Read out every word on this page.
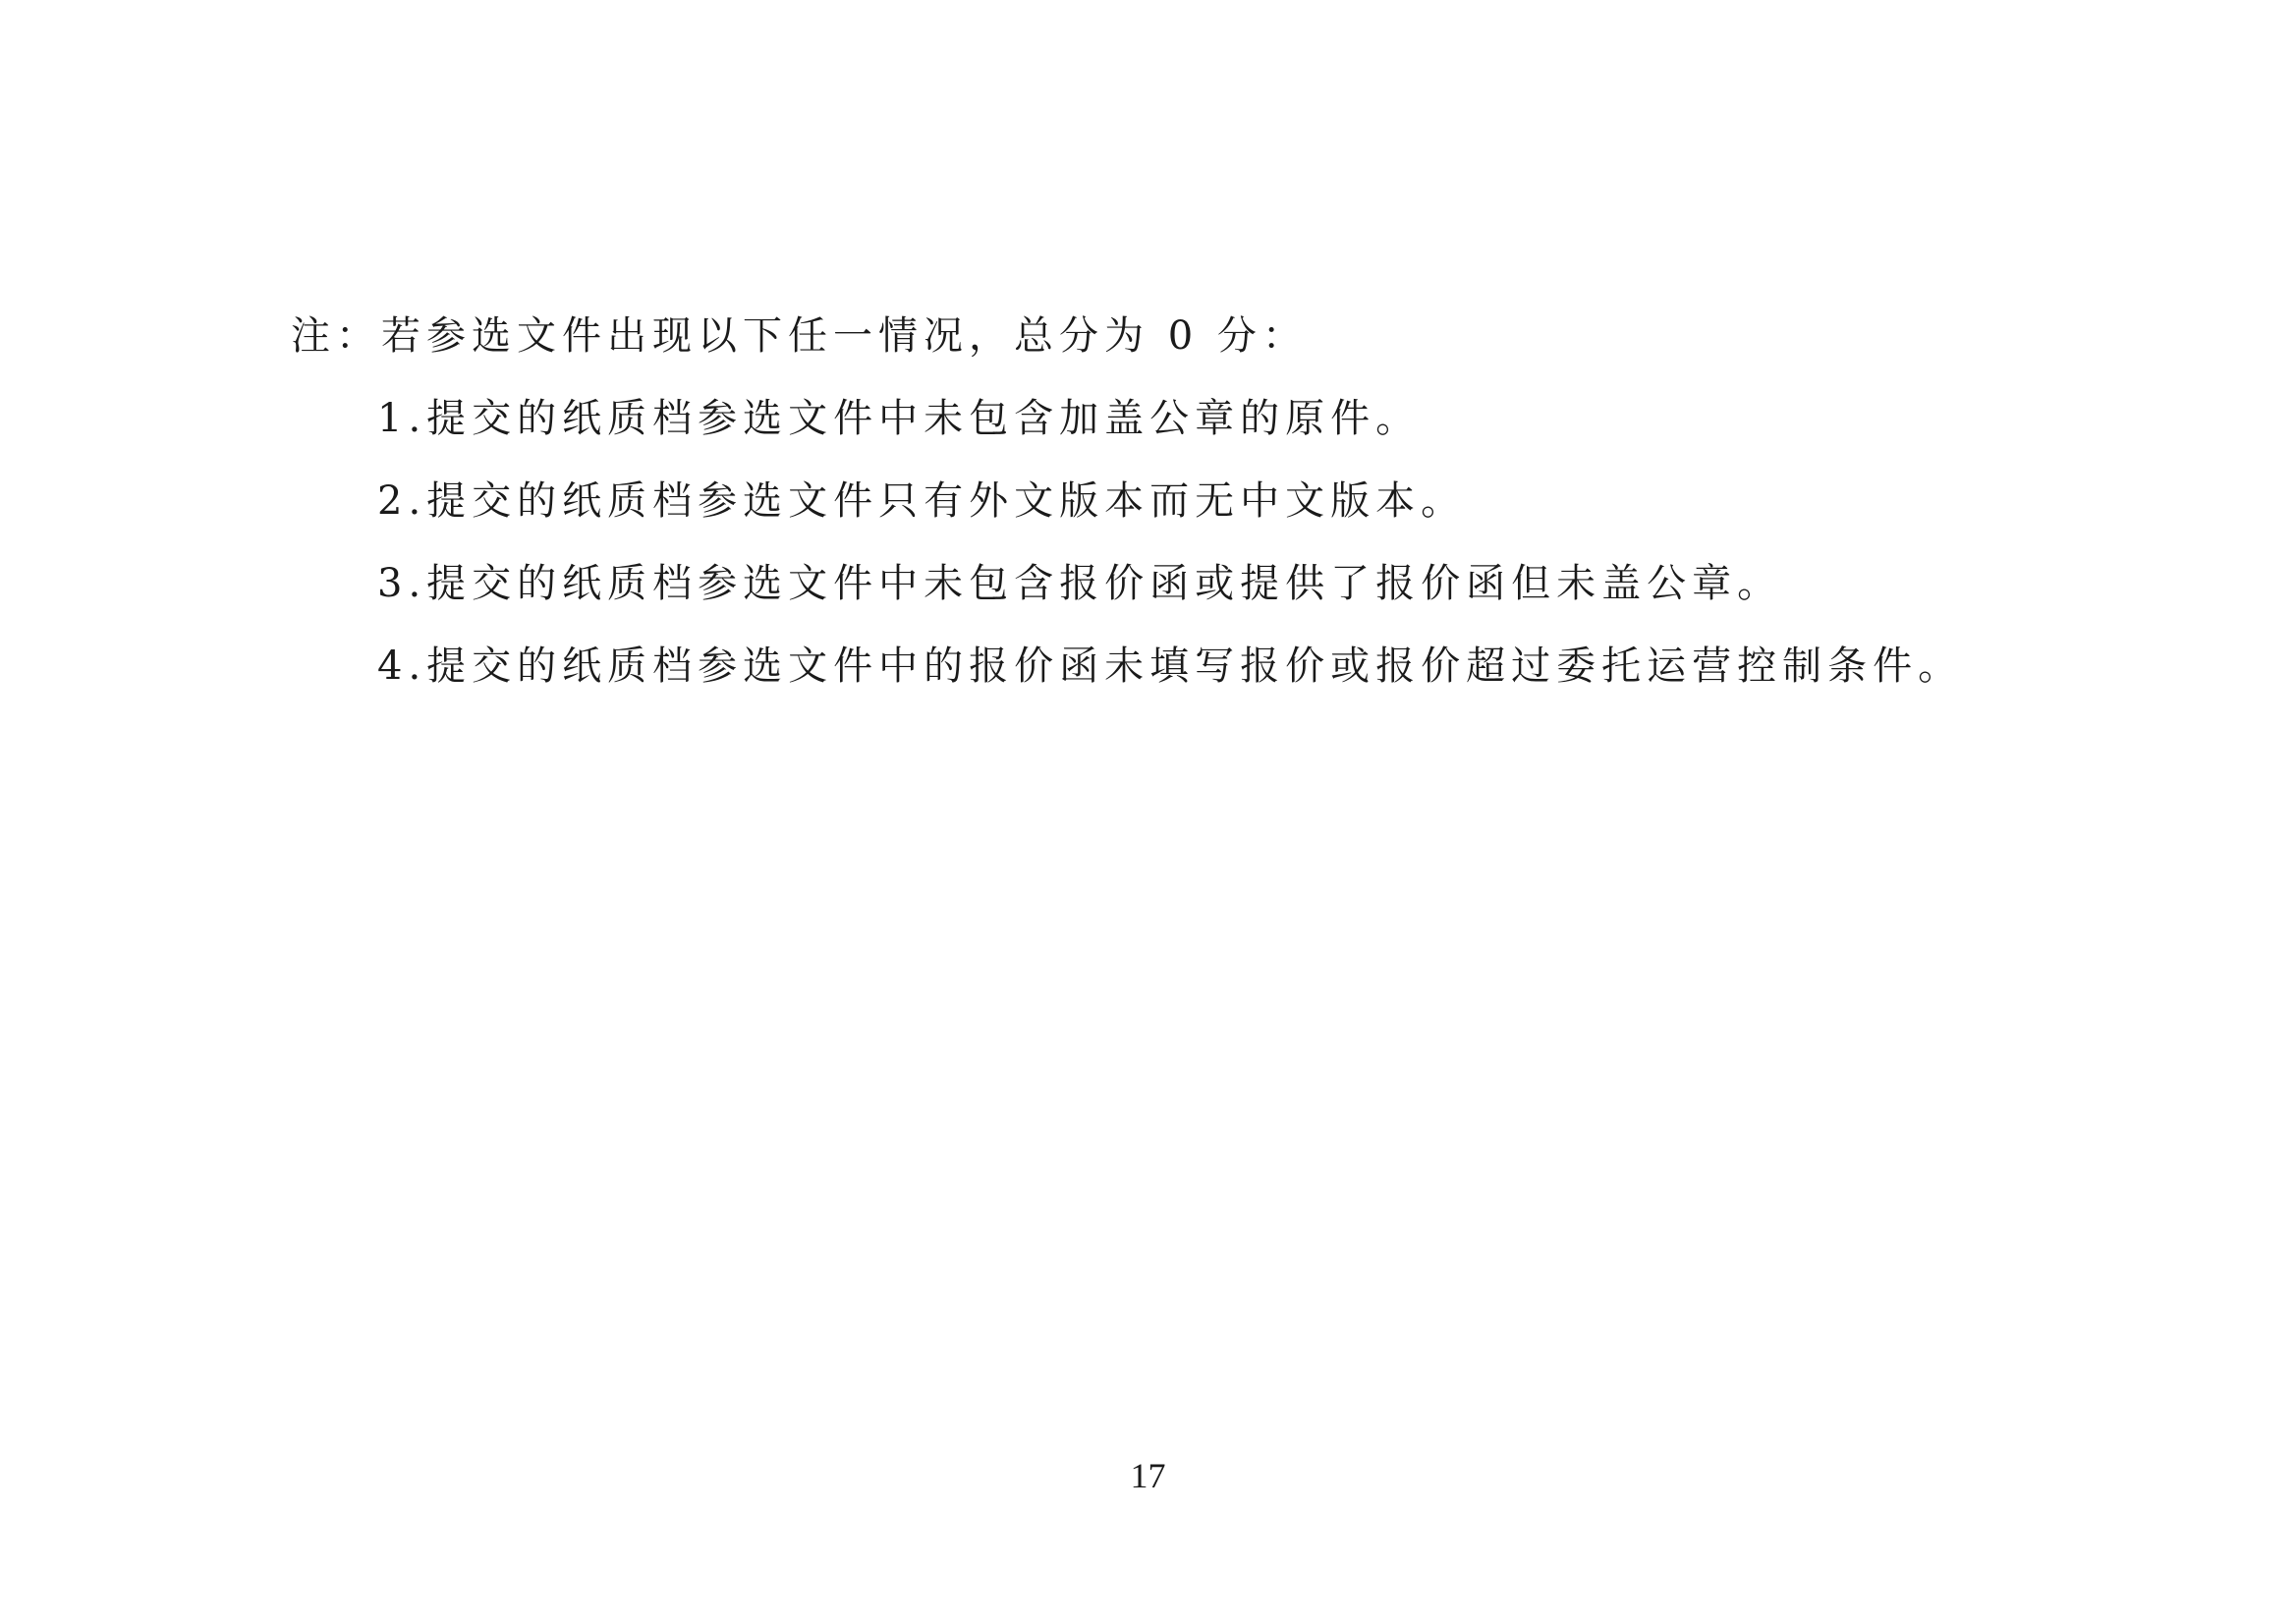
注：若参选文件出现以下任一情况，总分为 0 分：
1.提交的纸质档参选文件中未包含加盖公章的原件。
2.提交的纸质档参选文件只有外文版本而无中文版本。
3.提交的纸质档参选文件中未包含报价函或提供了报价函但未盖公章。
4.提交的纸质档参选文件中的报价函未填写报价或报价超过委托运营控制条件。
17
